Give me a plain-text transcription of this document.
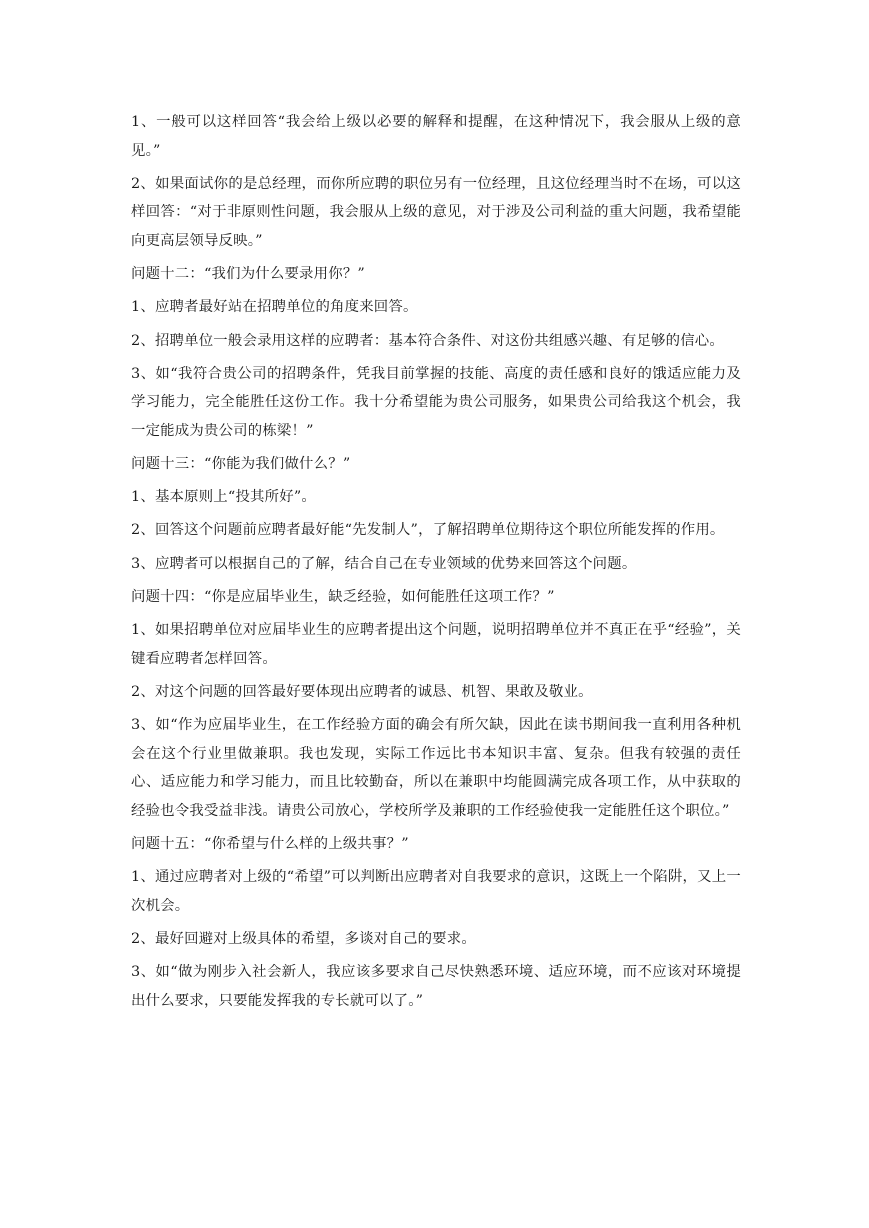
1、一般可以这样回答“我会给上级以必要的解释和提醒，在这种情况下，我会服从上级的意见。”

2、如果面试你的是总经理，而你所应聘的职位另有一位经理，且这位经理当时不在场，可以这样回答：“对于非原则性问题，我会服从上级的意见，对于涉及公司利益的重大问题，我希望能向更高层领导反映。”

问题十二：“我们为什么要录用你？”

1、应聘者最好站在招聘单位的角度来回答。

2、招聘单位一般会录用这样的应聘者：基本符合条件、对这份共组感兴趣、有足够的信心。

3、如“我符合贵公司的招聘条件，凭我目前掌握的技能、高度的责任感和良好的饿适应能力及学习能力，完全能胜任这份工作。我十分希望能为贵公司服务，如果贵公司给我这个机会，我一定能成为贵公司的栋梁！”

问题十三：“你能为我们做什么？”

1、基本原则上“投其所好”。

2、回答这个问题前应聘者最好能“先发制人”，了解招聘单位期待这个职位所能发挥的作用。

3、应聘者可以根据自己的了解，结合自己在专业领域的优势来回答这个问题。

问题十四：“你是应届毕业生，缺乏经验，如何能胜任这项工作？”

1、如果招聘单位对应届毕业生的应聘者提出这个问题，说明招聘单位并不真正在乎“经验”，关键看应聘者怎样回答。

2、对这个问题的回答最好要体现出应聘者的诚恳、机智、果敢及敬业。

3、如“作为应届毕业生，在工作经验方面的确会有所欠缺，因此在读书期间我一直利用各种机会在这个行业里做兼职。我也发现，实际工作远比书本知识丰富、复杂。但我有较强的责任心、适应能力和学习能力，而且比较勤奋，所以在兼职中均能圆满完成各项工作，从中获取的经验也令我受益非浅。请贵公司放心，学校所学及兼职的工作经验使我一定能胜任这个职位。”

问题十五：“你希望与什么样的上级共事？”

1、通过应聘者对上级的“希望”可以判断出应聘者对自我要求的意识，这既上一个陷阱，又上一次机会。

2、最好回避对上级具体的希望，多谈对自己的要求。

3、如“做为刚步入社会新人，我应该多要求自己尽快熟悉环境、适应环境，而不应该对环境提出什么要求，只要能发挥我的专长就可以了。”
